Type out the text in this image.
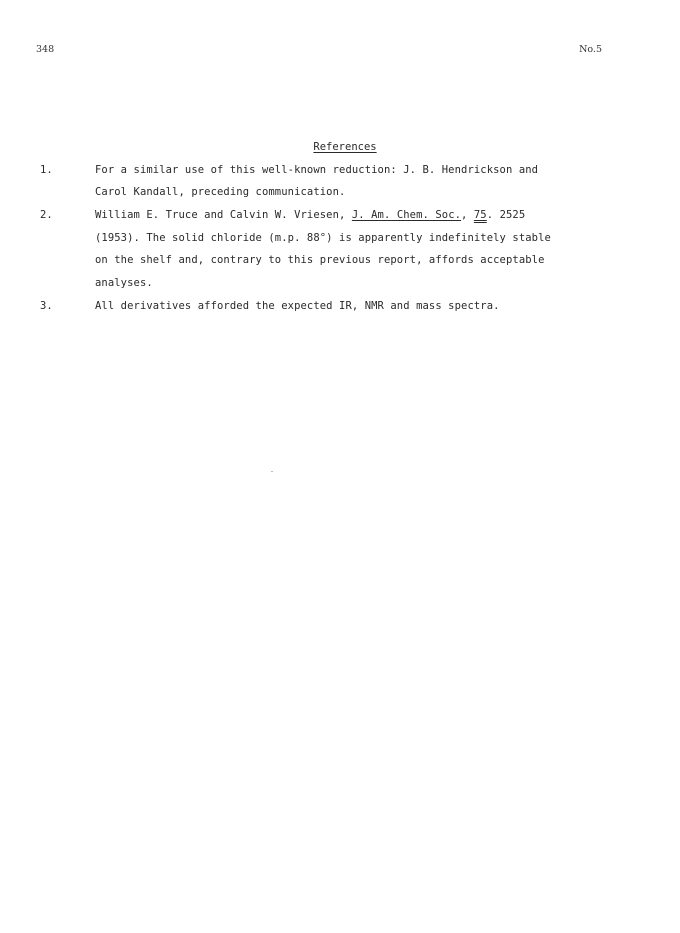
348	No.5
References
1.	For a similar use of this well-known reduction: J. B. Hendrickson and
Carol Kandall, preceding communication.
2.	William E. Truce and Calvin W. Vriesen, J. Am. Chem. Soc., 75. 2525
(1953). The solid chloride (m.p. 88°) is apparently indefinitely stable
on the shelf and, contrary to this previous report, affords acceptable
analyses.
3.	All derivatives afforded the expected IR, NMR and mass spectra.
